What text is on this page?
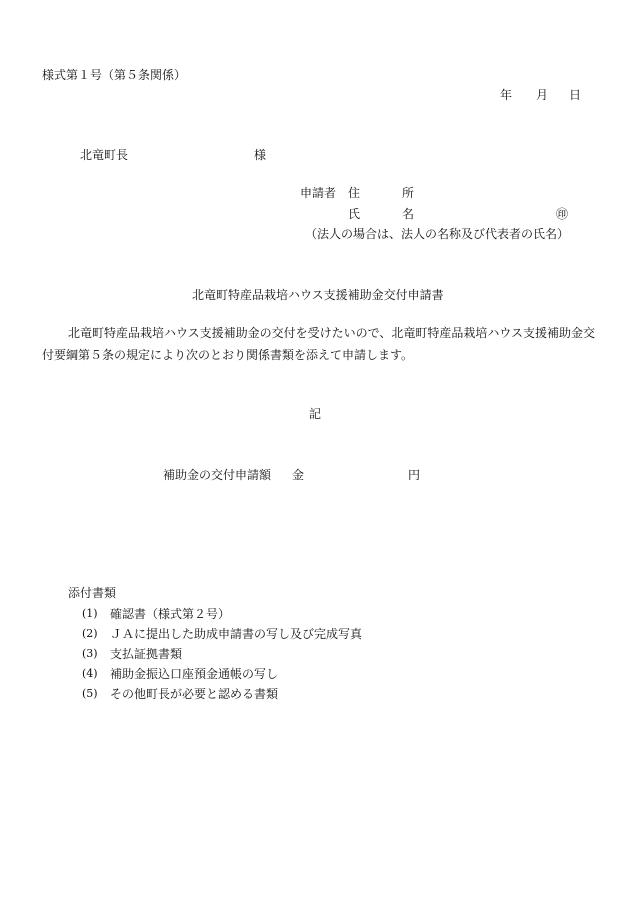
様式第１号（第５条関係）
年 月 日
北竜町長	様
申請者 住　　所
氏　　名	㊞
（法人の場合は、法人の名称及び代表者の氏名）
北竜町特産品栽培ハウス支援補助金交付申請書
北竜町特産品栽培ハウス支援補助金の交付を受けたいので、北竜町特産品栽培ハウス支援補助金交
付要綱第５条の規定により次のとおり関係書類を添えて申請します。
記
補助金の交付申請額 金	円
添付書類
(1) 確認書（様式第２号）
(2) ＪＡに提出した助成申請書の写し及び完成写真
(3) 支払証拠書類
(4) 補助金振込口座預金通帳の写し
(5) その他町長が必要と認める書類
